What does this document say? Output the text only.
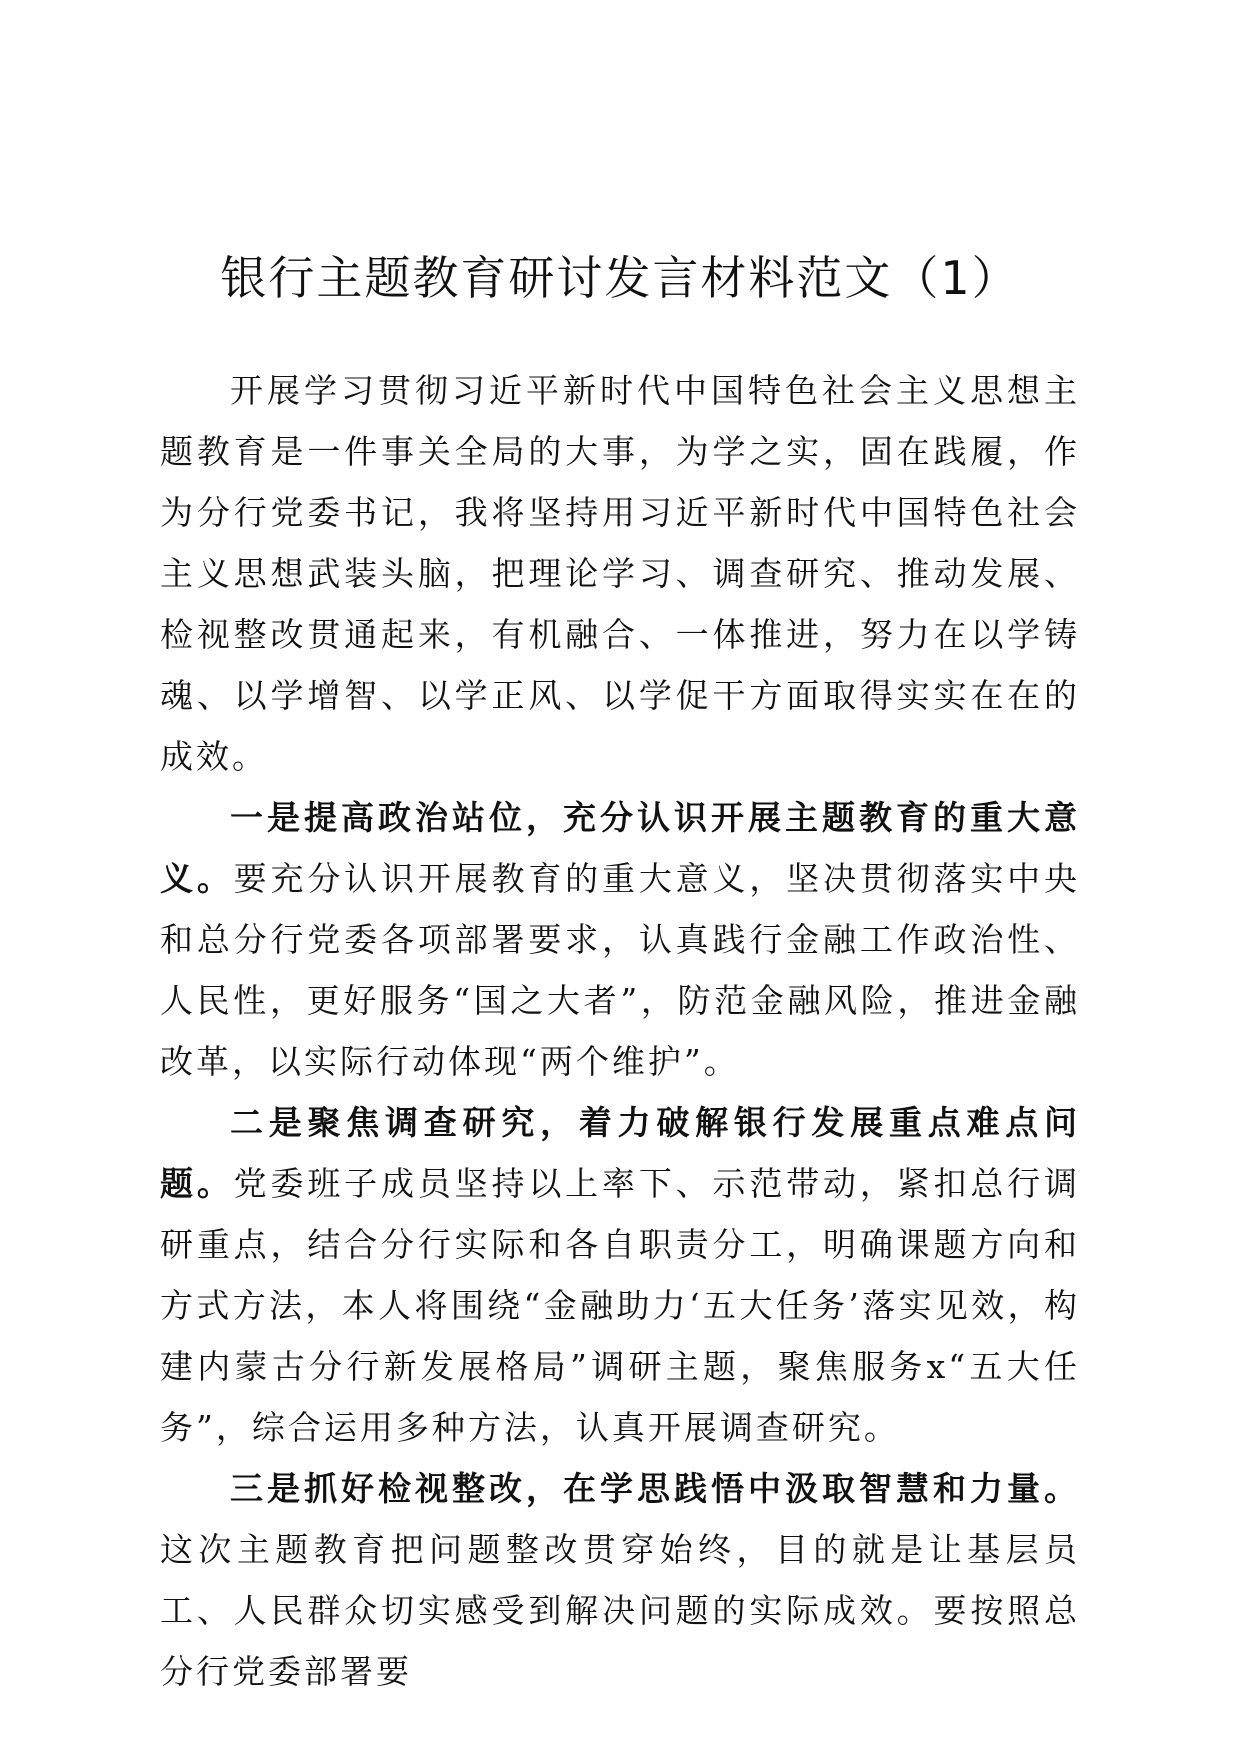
银行主题教育研讨发言材料范文（1）

开展学习贯彻习近平新时代中国特色社会主义思想主题教育是一件事关全局的大事，为学之实，固在践履，作为分行党委书记，我将坚持用习近平新时代中国特色社会主义思想武装头脑，把理论学习、调查研究、推动发展、检视整改贯通起来，有机融合、一体推进，努力在以学铸魂、以学增智、以学正风、以学促干方面取得实实在在的成效。

一是提高政治站位，充分认识开展主题教育的重大意义。要充分认识开展教育的重大意义，坚决贯彻落实中央和总分行党委各项部署要求，认真践行金融工作政治性、人民性，更好服务“国之大者”，防范金融风险，推进金融改革，以实际行动体现“两个维护”。

二是聚焦调查研究，着力破解银行发展重点难点问题。党委班子成员坚持以上率下、示范带动，紧扣总行调研重点，结合分行实际和各自职责分工，明确课题方向和方式方法，本人将围绕“金融助力‘五大任务’落实见效，构建内蒙古分行新发展格局”调研主题，聚焦服务x“五大任务”，综合运用多种方法，认真开展调查研究。

三是抓好检视整改，在学思践悟中汲取智慧和力量。这次主题教育把问题整改贯穿始终，目的就是让基层员工、人民群众切实感受到解决问题的实际成效。要按照总分行党委部署要
